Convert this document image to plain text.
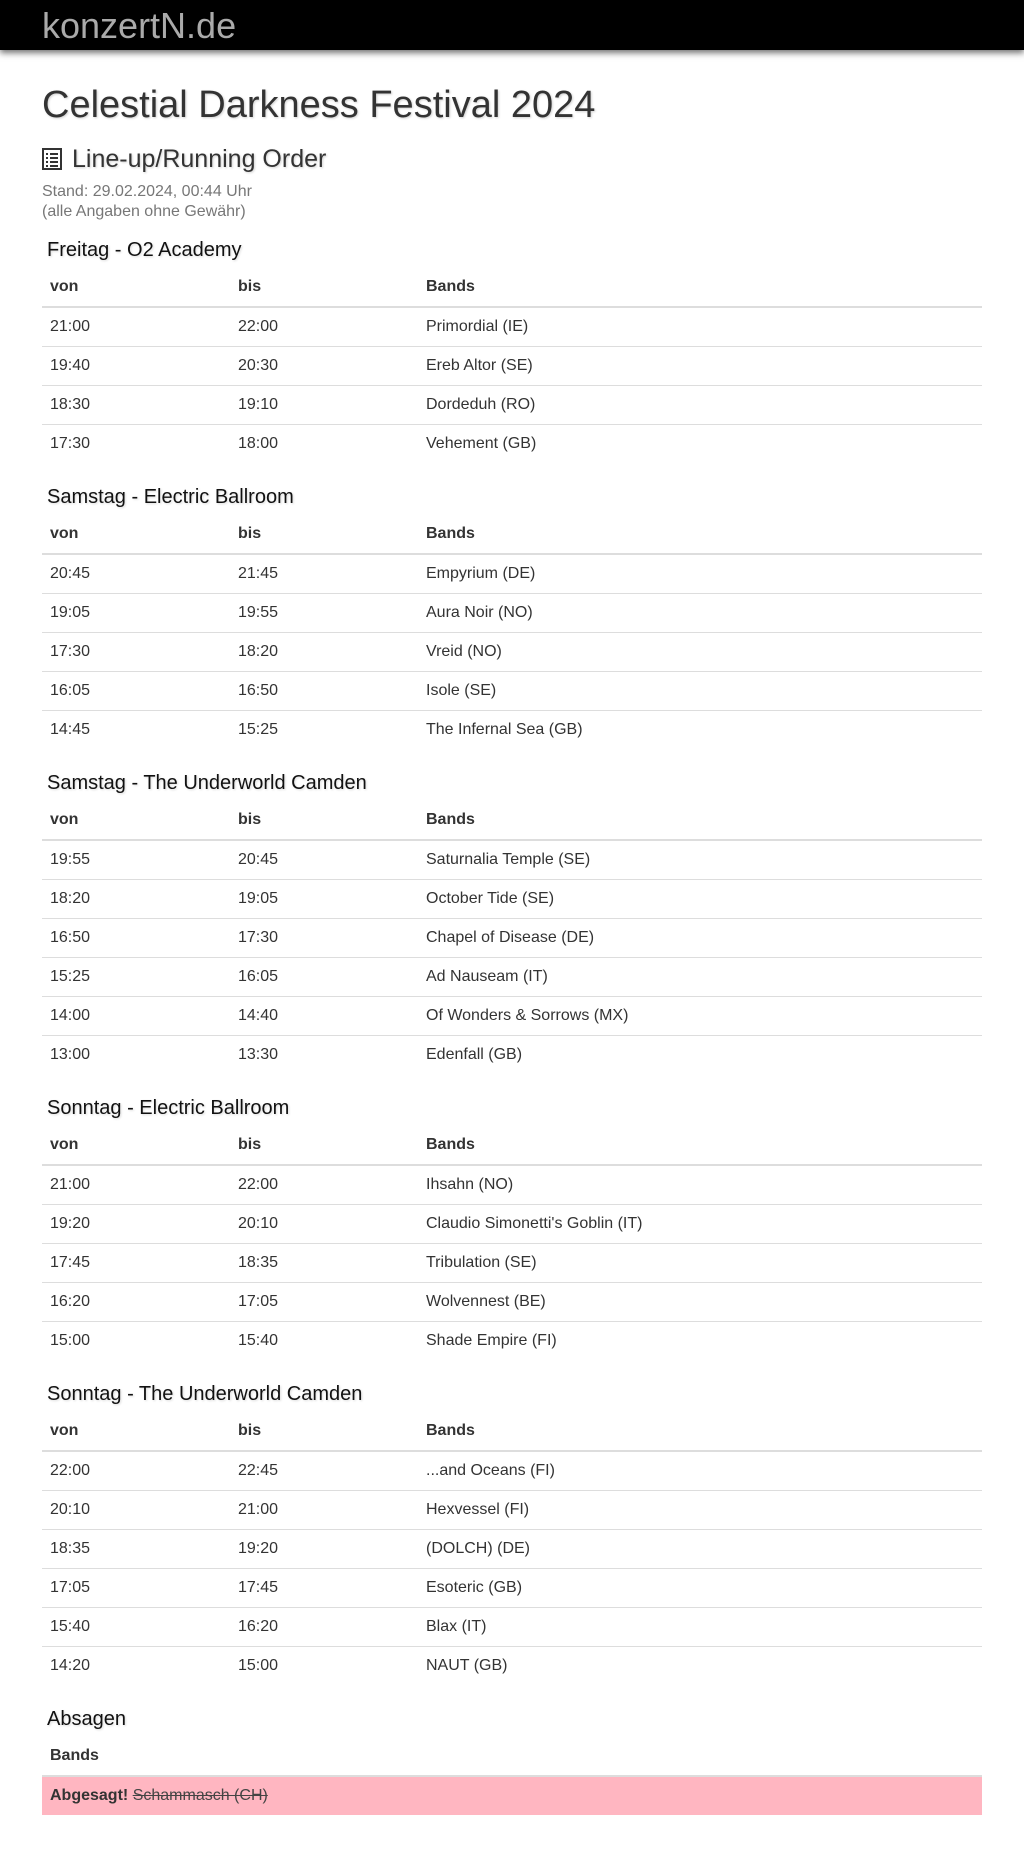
konzertN.de
Celestial Darkness Festival 2024
Line-up/Running Order
Stand: 29.02.2024, 00:44 Uhr
(alle Angaben ohne Gewähr)
Freitag - O2 Academy
von	bis	Bands
21:00	22:00	Primordial (IE)
19:40	20:30	Ereb Altor (SE)
18:30	19:10	Dordeduh (RO)
17:30	18:00	Vehement (GB)
Samstag - Electric Ballroom
von	bis	Bands
20:45	21:45	Empyrium (DE)
19:05	19:55	Aura Noir (NO)
17:30	18:20	Vreid (NO)
16:05	16:50	Isole (SE)
14:45	15:25	The Infernal Sea (GB)
Samstag - The Underworld Camden
von	bis	Bands
19:55	20:45	Saturnalia Temple (SE)
18:20	19:05	October Tide (SE)
16:50	17:30	Chapel of Disease (DE)
15:25	16:05	Ad Nauseam (IT)
14:00	14:40	Of Wonders & Sorrows (MX)
13:00	13:30	Edenfall (GB)
Sonntag - Electric Ballroom
von	bis	Bands
21:00	22:00	Ihsahn (NO)
19:20	20:10	Claudio Simonetti's Goblin (IT)
17:45	18:35	Tribulation (SE)
16:20	17:05	Wolvennest (BE)
15:00	15:40	Shade Empire (FI)
Sonntag - The Underworld Camden
von	bis	Bands
22:00	22:45	...and Oceans (FI)
20:10	21:00	Hexvessel (FI)
18:35	19:20	(DOLCH) (DE)
17:05	17:45	Esoteric (GB)
15:40	16:20	Blax (IT)
14:20	15:00	NAUT (GB)
Absagen
Bands
Abgesagt! Schammasch (CH)
